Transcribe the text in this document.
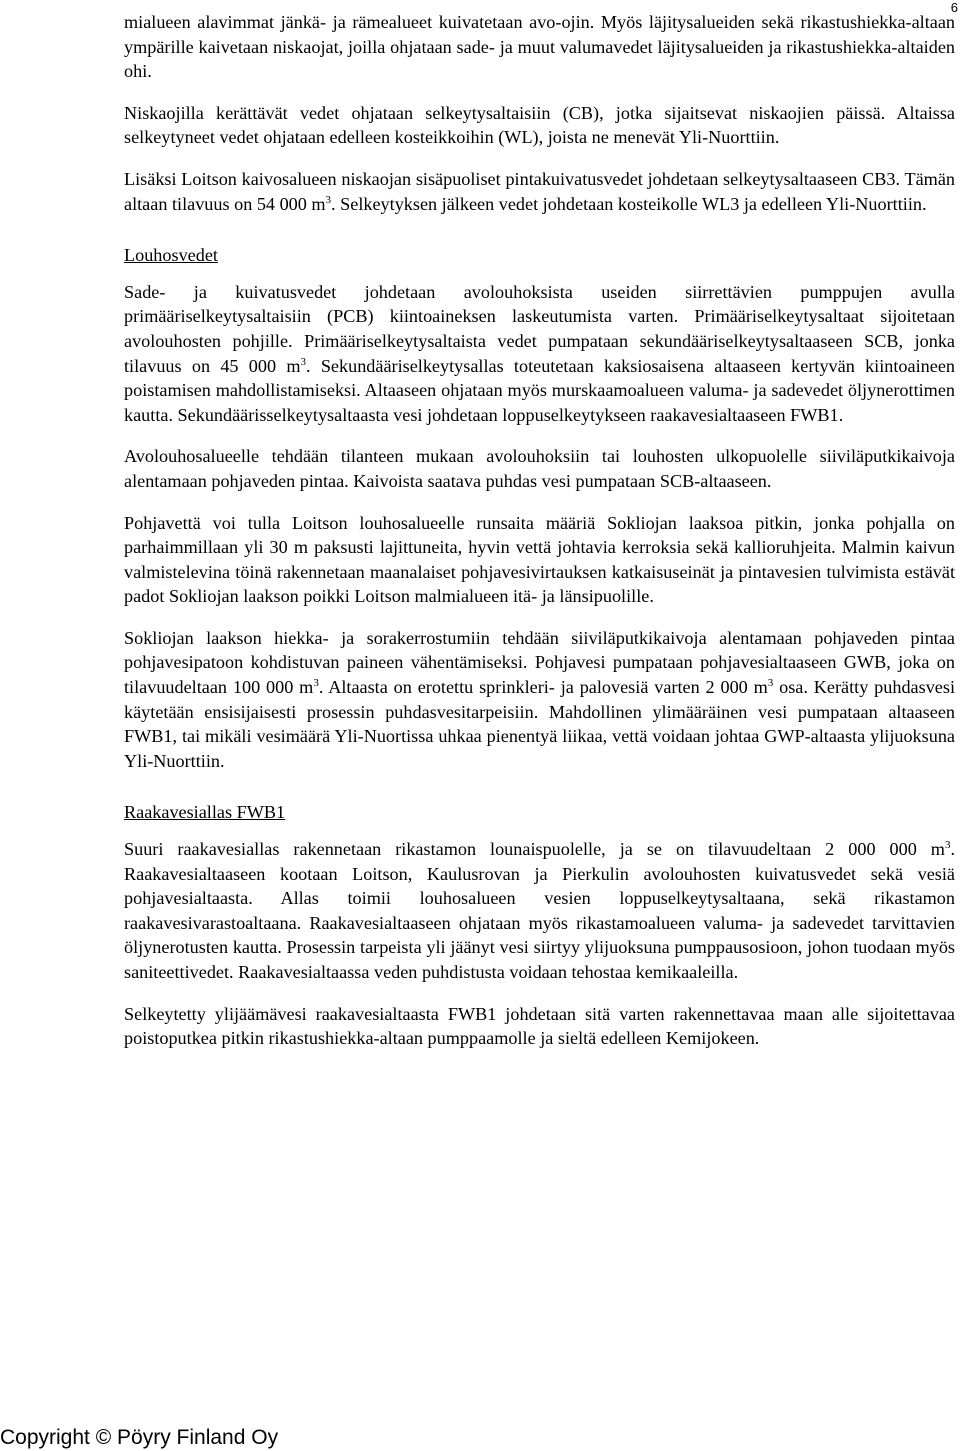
6

mialueen alavimmat jänkä- ja rämealueet kuivatetaan avo-ojin. Myös läjitysalueiden sekä rikastushiekka-altaan ympärille kaivetaan niskaojat, joilla ohjataan sade- ja muut valumavedet läjitysalueiden ja rikastushiekka-altaiden ohi.

Niskaojilla kerättävät vedet ohjataan selkeytysaltaisiin (CB), jotka sijaitsevat niskaojien päissä. Altaissa selkeytyneet vedet ohjataan edelleen kosteikkoihin (WL), joista ne menevät Yli-Nuorttiin.

Lisäksi Loitson kaivosalueen niskaojan sisäpuoliset pintakuivatusvedet johdetaan selkeytysaltaaseen CB3. Tämän altaan tilavuus on 54 000 $m^3$. Selkeytyksen jälkeen vedet johdetaan kosteikolle WL3 ja edelleen Yli-Nuorttiin.

Louhosvedet

Sade- ja kuivatusvedet johdetaan avolouhoksista useiden siirrettävien pumppujen avulla primääriselkeytysaltaisiin (PCB) kiintoaineksen laskeutumista varten. Primääriselkeytysaltaat sijoitetaan avolouhosten pohjille. Primääriselkeytysaltaista vedet pumpataan sekundääriselkeytysaltaaseen SCB, jonka tilavuus on 45 000 $m^3$. Sekundääriselkeytysallas toteutetaan kaksiosaisena altaaseen kertyvän kiintoaineen poistamisen mahdollistamiseksi. Altaaseen ohjataan myös murskaamoalueen valuma- ja sadevedet öljynerottimen kautta. Sekundäärisselkeytysaltaasta vesi johdetaan loppuselkeytykseen raakavesialtaaseen FWB1.

Avolouhosalueelle tehdään tilanteen mukaan avolouhoksiin tai louhosten ulkopuolelle siiviläputkikaivoja alentamaan pohjaveden pintaa. Kaivoista saatava puhdas vesi pumpataan SCB-altaaseen.

Pohjavettä voi tulla Loitson louhosalueelle runsaita määriä Sokliojan laaksoa pitkin, jonka pohjalla on parhaimmillaan yli 30 m paksusti lajittuneita, hyvin vettä johtavia kerroksia sekä kallioruhjeita. Malmin kaivun valmistelevina töinä rakennetaan maanalaiset pohjavesivirtauksen katkaisuseinät ja pintavesien tulvimista estävät padot Sokliojan laakson poikki Loitson malmialueen itä- ja länsipuolille.

Sokliojan laakson hiekka- ja sorakerrostumiin tehdään siiviläputkikaivoja alentamaan pohjaveden pintaa pohjavesipatoon kohdistuvan paineen vähentämiseksi. Pohjavesi pumpataan pohjavesialtaaseen GWB, joka on tilavuudeltaan 100 000 $m^3$. Altaasta on erotettu sprinkleri- ja palovesiä varten 2 000 $m^3$ osa. Kerätty puhdasvesi käytetään ensisijaisesti prosessin puhdasvesitarpeisiin. Mahdollinen ylimääräinen vesi pumpataan altaaseen FWB1, tai mikäli vesimäärä Yli-Nuortissa uhkaa pienentyä liikaa, vettä voidaan johtaa GWP-altaasta ylijuoksuna Yli-Nuorttiin.

Raakavesiallas FWB1

Suuri raakavesiallas rakennetaan rikastamon lounaispuolelle, ja se on tilavuudeltaan 2 000 000 $m^3$. Raakavesialtaaseen kootaan Loitson, Kaulusrovan ja Pierkulin avolouhosten kuivatusvedet sekä vesiä pohjavesialtaasta. Allas toimii louhosalueen vesien loppuselkeytysaltaana, sekä rikastamon raakavesivarastoaltaana. Raakavesialtaaseen ohjataan myös rikastamoalueen valuma- ja sadevedet tarvittavien öljynerotusten kautta. Prosessin tarpeista yli jäänyt vesi siirtyy ylijuoksuna pumppausosioon, johon tuodaan myös saniteettivedet. Raakavesialtaassa veden puhdistusta voidaan tehostaa kemikaaleilla.

Selkeytetty ylijäämävesi raakavesialtaasta FWB1 johdetaan sitä varten rakennettavaa maan alle sijoitettavaa poistoputkea pitkin rikastushiekka-altaan pumppaamolle ja sieltä edelleen Kemijokeen.

Copyright © Pöyry Finland Oy
